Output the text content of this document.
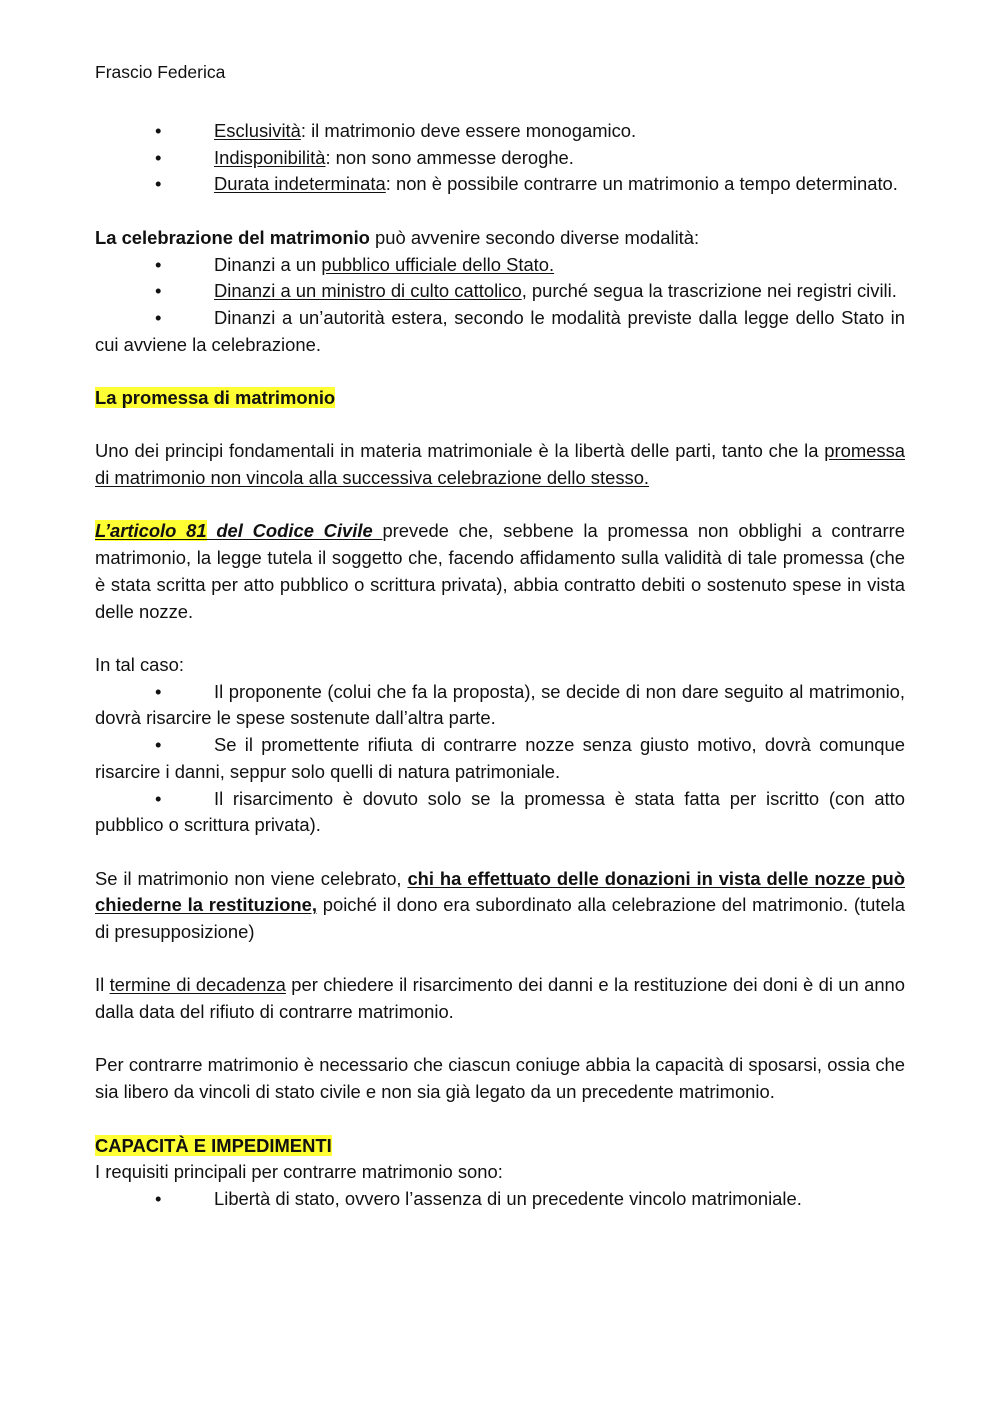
Frascio Federica

•	Esclusività: il matrimonio deve essere monogamico.

•	Indisponibilità: non sono ammesse deroghe.

•	Durata indeterminata: non è possibile contrarre un matrimonio a tempo determinato.

La celebrazione del matrimonio può avvenire secondo diverse modalità:

•	Dinanzi a un pubblico ufficiale dello Stato.

•	Dinanzi a un ministro di culto cattolico, purché segua la trascrizione nei registri civili.

•	Dinanzi a un’autorità estera, secondo le modalità previste dalla legge dello Stato in cui avviene la celebrazione.

La promessa di matrimonio

Uno dei principi fondamentali in materia matrimoniale è la libertà delle parti, tanto che la promessa di matrimonio non vincola alla successiva celebrazione dello stesso.

L’articolo 81 del Codice Civile prevede che, sebbene la promessa non obblighi a contrarre matrimonio, la legge tutela il soggetto che, facendo affidamento sulla validità di tale promessa (che è stata scritta per atto pubblico o scrittura privata), abbia contratto debiti o sostenuto spese in vista delle nozze.

In tal caso:

•	Il proponente (colui che fa la proposta), se decide di non dare seguito al matrimonio, dovrà risarcire le spese sostenute dall’altra parte.

•	Se il promettente rifiuta di contrarre nozze senza giusto motivo, dovrà comunque risarcire i danni, seppur solo quelli di natura patrimoniale.

•	Il risarcimento è dovuto solo se la promessa è stata fatta per iscritto (con atto pubblico o scrittura privata).

Se il matrimonio non viene celebrato, chi ha effettuato delle donazioni in vista delle nozze può chiederne la restituzione, poiché il dono era subordinato alla celebrazione del matrimonio. (tutela di presupposizione)

Il termine di decadenza per chiedere il risarcimento dei danni e la restituzione dei doni è di un anno dalla data del rifiuto di contrarre matrimonio.

Per contrarre matrimonio è necessario che ciascun coniuge abbia la capacità di sposarsi, ossia che sia libero da vincoli di stato civile e non sia già legato da un precedente matrimonio.

CAPACITÀ E IMPEDIMENTI

I requisiti principali per contrarre matrimonio sono:

•	Libertà di stato, ovvero l’assenza di un precedente vincolo matrimoniale.
